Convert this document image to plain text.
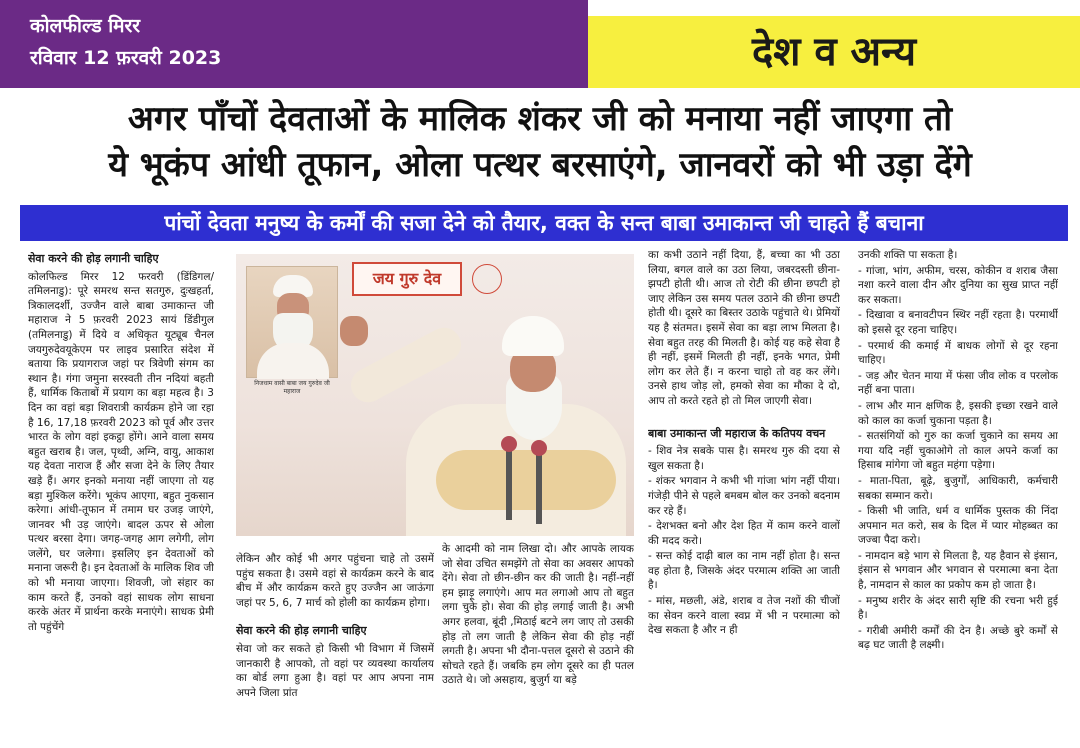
कोलफील्ड मिरर
रविवार 12 फ़रवरी 2023	देश व अन्य
अगर पाँचों देवताओं के मालिक शंकर जी को मनाया नहीं जाएगा तो
ये भूकंप आंधी तूफान, ओला पत्थर बरसाएंगे, जानवरों को भी उड़ा देंगे
पांचों देवता मनुष्य के कर्मों की सजा देने को तैयार, वक्त के सन्त बाबा उमाकान्त जी चाहते हैं बचाना
सेवा करने की होड़ लगानी चाहिए

कोलफिल्ड मिरर 12 फरवरी (डिंडिगल/ तमिलनाडु): पूरे समरथ सन्त सतगुरु, दुःखहर्ता, त्रिकालदर्शी, उज्जैन वाले बाबा उमाकान्त जी महाराज ने 5 फ़रवरी 2023 सायं डिंडीगुल (तमिलनाडु) में दिये व अधिकृत यूट्यूब चैनल जयगुरुदेवयूकेएम पर लाइव प्रसारित संदेश में बताया कि प्रयागराज जहां पर त्रिवेणी संगम का स्थान है। गंगा जमुना सरस्वती तीन नदियां बहती हैं, धार्मिक किताबों में प्रयाग का बड़ा महत्व है। 3 दिन का वहां बड़ा शिवरात्री कार्यक्रम होने जा रहा है 16, 17,18 फ़रवरी 2023 को पूर्व और उत्तर भारत के लोग वहां इकट्ठा होंगे। आने वाला समय बहुत खराब है। जल, पृथ्वी, अग्नि, वायु, आकाश यह देवता नाराज हैं और सजा देने के लिए तैयार खड़े हैं। अगर इनको मनाया नहीं जाएगा तो यह बड़ा मुश्किल करेंगे। भूकंप आएगा, बहुत नुकसान करेगा। आंधी-तूफान में तमाम घर उजड़ जाएंगे, जानवर भी उड़ जाएंगे। बादल ऊपर से ओला पत्थर बरसा देगा। जगह-जगह आग लगेगी, लोग जलेंगे, घर जलेगा। इसलिए इन देवताओं को मनाना जरूरी है। इन देवताओं के मालिक शिव जी को भी मनाया जाएगा। शिवजी, जो संहार का काम करते हैं, उनको वहां साधक लोग साधना करके अंतर में प्रार्थना करके मनाएंगे। साधक प्रेमी तो पहुंचेंगे

निजधाम वासी बाबा जय गुरुदेव जी महाराज
जय गुरु देव

लेकिन और कोई भी अगर पहुंचना चाहे तो उसमें पहुंच सकता है। उसमे वहां से कार्यक्रम करने के बाद बीच में और कार्यक्रम करते हुए उज्जैन आ जाऊंगा जहां पर 5, 6, 7 मार्च को होली का कार्यक्रम होगा।

सेवा करने की होड़ लगानी चाहिए

सेवा जो कर सकते हो किसी भी विभाग में जिसमें जानकारी है आपको, तो वहां पर व्यवस्था कार्यालय का बोर्ड लगा हुआ है। वहां पर आप अपना नाम अपने जिला प्रांत

के आदमी को नाम लिखा दो। और आपके लायक जो सेवा उचित समझेंगे तो सेवा का अवसर आपको देंगे। सेवा तो छीन-छीन कर की जाती है। नहीं-नहीं हम झाड़ू लगाएंगे। आप मत लगाओ आप तो बहुत लगा चुके हो। सेवा की होड़ लगाई जाती है। अभी अगर हलवा, बूंदी ,मिठाई बटने लग जाए तो उसकी होड़ तो लग जाती है लेकिन सेवा की होड़ नहीं लगती है। अपना भी दौना-पत्तल दूसरो से उठाने की सोचते रहते हैं। जबकि हम लोग दूसरे का ही पतल उठाते थे। जो असहाय, बुजुर्ग या बड़े

का कभी उठाने नहीं दिया, हैं, बच्चा का भी उठा लिया, बगल वाले का उठा लिया, जबरदस्ती छीना-झपटी होती थी। आज तो रोटी की छीना छपटी हो जाए लेकिन उस समय पतल उठाने की छीना छपटी होती थी। दूसरे का बिस्तर उठाके पहुंचाते थे। प्रेमियों यह है संतमत। इसमें सेवा का बड़ा लाभ मिलता है। सेवा बहुत तरह की मिलती है। कोई यह कहे सेवा है ही नहीं, इसमें मिलती ही नहीं, इनके भगत, प्रेमी लोग कर लेते हैं। न करना चाहो तो वह कर लेंगे। उनसे हाथ जोड़ लो, हमको सेवा का मौका दे दो, आप तो करते रहते हो तो मिल जाएगी सेवा।

बाबा उमाकान्त जी महाराज के कतिपय वचन

- शिव नेत्र सबके पास है। समरथ गुरु की दया से खुल सकता है।

- शंकर भगवान ने कभी भी गांजा भांग नहीं पीया। गंजेड़ी पीने से पहले बमबम बोल कर उनको बदनाम कर रहे हैं।

- देशभक्त बनो और देश हित में काम करने वालों की मदद करो।

- सन्त कोई दाढ़ी बाल का नाम नहीं होता है। सन्त वह होता है, जिसके अंदर परमात्म शक्ति आ जाती है।

- मांस, मछली, अंडे, शराब व तेज नशों की चीजों का सेवन करने वाला स्वप्न में भी न परमात्मा को देख सकता है और न ही

उनकी शक्ति पा सकता है।

- गांजा, भांग, अफीम, चरस, कोकीन व शराब जैसा नशा करने वाला दीन और दुनिया का सुख प्राप्त नहीं कर सकता।

- दिखावा व बनावटीपन स्थिर नहीं रहता है। परमार्थी को इससे दूर रहना चाहिए।

- परमार्थ की कमाई में बाधक लोगों से दूर रहना चाहिए।

- जड़ और चेतन माया में फंसा जीव लोक व परलोक नहीं बना पाता।

- लाभ और मान क्षणिक है, इसकी इच्छा रखने वाले को काल का कर्जा चुकाना पड़ता है।

- सतसंगियों को गुरु का कर्जा चुकाने का समय आ गया यदि नहीं चुकाओगे तो काल अपने कर्जा का हिसाब मांगेगा जो बहुत महंगा पड़ेगा।

- माता-पिता, बूढ़े, बुजुर्गों, आधिकारी, कर्मचारी सबका सम्मान करो।

- किसी भी जाति, धर्म व धार्मिक पुस्तक की निंदा अपमान मत करो, सब के दिल में प्यार मोहब्बत का जज्बा पैदा करो।

- नामदान बड़े भाग से मिलता है, यह हैवान से इंसान, इंसान से भगवान और भगवान से परमात्मा बना देता है, नामदान से काल का प्रकोप कम हो जाता है।

- मनुष्य शरीर के अंदर सारी सृष्टि की रचना भरी हुई है।

- गरीबी अमीरी कर्मों की देन है। अच्छे बुरे कर्मों से बढ़ घट जाती है लक्ष्मी।
